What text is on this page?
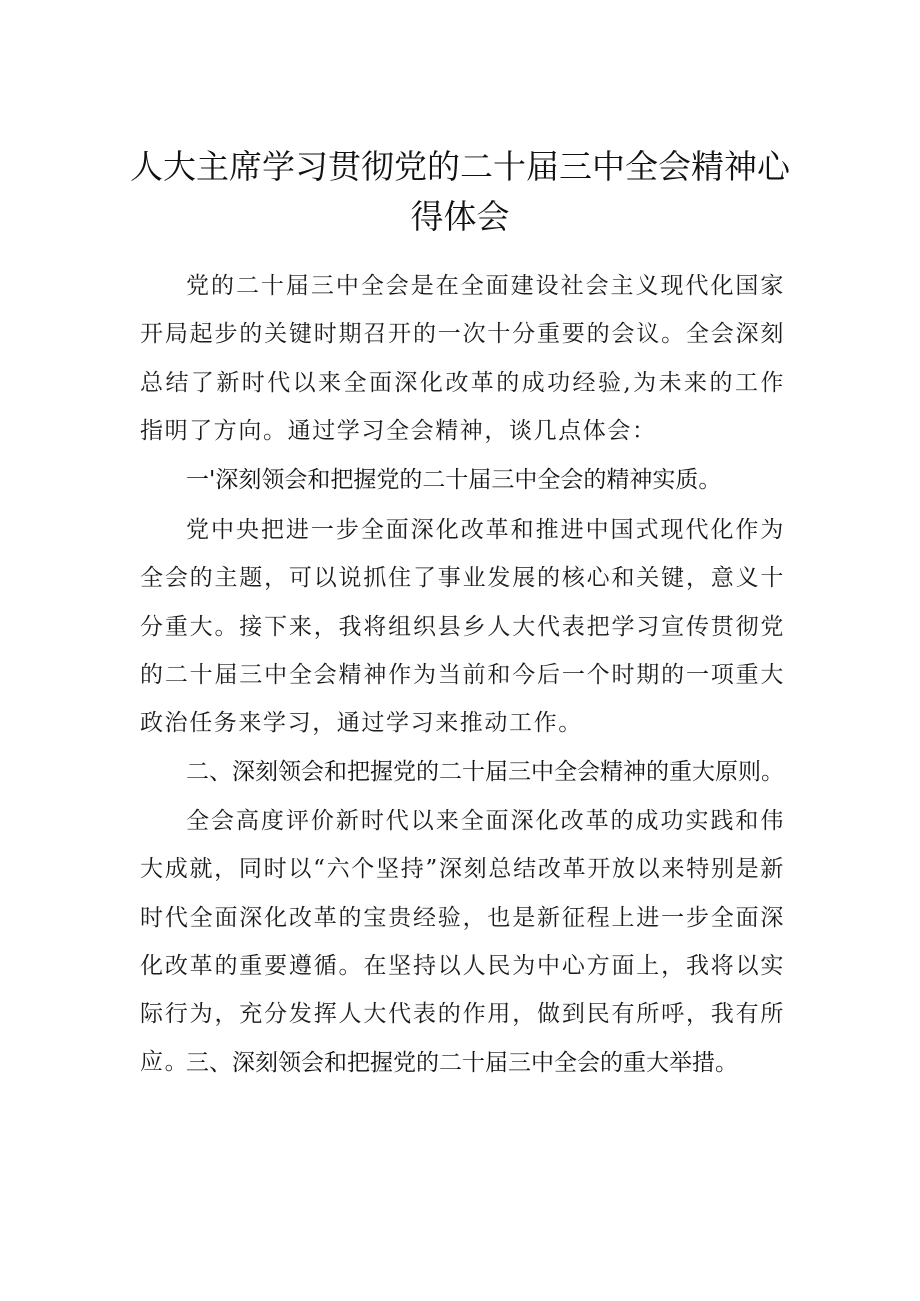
人大主席学习贯彻党的二十届三中全会精神心得体会
党的二十届三中全会是在全面建设社会主义现代化国家开局起步的关键时期召开的一次十分重要的会议。全会深刻总结了新时代以来全面深化改革的成功经验,为未来的工作指明了方向。通过学习全会精神，谈几点体会：
一'深刻领会和把握党的二十届三中全会的精神实质。
党中央把进一步全面深化改革和推进中国式现代化作为全会的主题，可以说抓住了事业发展的核心和关键，意义十分重大。接下来，我将组织县乡人大代表把学习宣传贯彻党的二十届三中全会精神作为当前和今后一个时期的一项重大政治任务来学习，通过学习来推动工作。
二、深刻领会和把握党的二十届三中全会精神的重大原则。
全会高度评价新时代以来全面深化改革的成功实践和伟大成就，同时以“六个坚持”深刻总结改革开放以来特别是新时代全面深化改革的宝贵经验，也是新征程上进一步全面深化改革的重要遵循。在坚持以人民为中心方面上，我将以实际行为，充分发挥人大代表的作用，做到民有所呼，我有所应。
三、深刻领会和把握党的二十届三中全会的重大举措。
